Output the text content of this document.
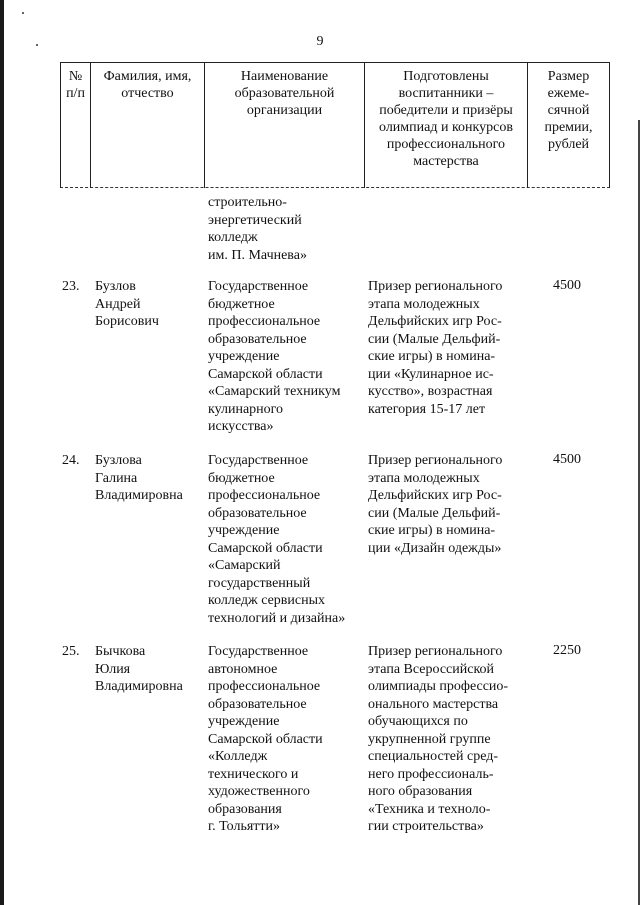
9
№
п/п
Фамилия, имя,
отчество
Наименование
образовательной
организации
Подготовлены
воспитанники –
победители и призёры
олимпиад и конкурсов
профессионального
мастерства
Размер
ежеме-
сячной
премии,
рублей
строительно-
энергетический
колледж
им. П. Мачнева»
23. Бузлов
Андрей
Борисович
Государственное
бюджетное
профессиональное
образовательное
учреждение
Самарской области
«Самарский техникум
кулинарного
искусства»
Призер регионального
этапа молодежных
Дельфийских игр Рос-
сии (Малые Дельфий-
ские игры) в номина-
ции «Кулинарное ис-
кусство», возрастная
категория 15-17 лет
4500
24. Бузлова
Галина
Владимировна
Государственное
бюджетное
профессиональное
образовательное
учреждение
Самарской области
«Самарский
государственный
колледж сервисных
технологий и дизайна»
Призер регионального
этапа молодежных
Дельфийских игр Рос-
сии (Малые Дельфий-
ские игры) в номина-
ции «Дизайн одежды»
4500
25. Бычкова
Юлия
Владимировна
Государственное
автономное
профессиональное
образовательное
учреждение
Самарской области
«Колледж
технического и
художественного
образования
г. Тольятти»
Призер регионального
этапа Всероссийской
олимпиады профессио-
онального мастерства
обучающихся по
укрупненной группе
специальностей сред-
него профессиональ-
ного образования
«Техника и техноло-
гии строительства»
2250
